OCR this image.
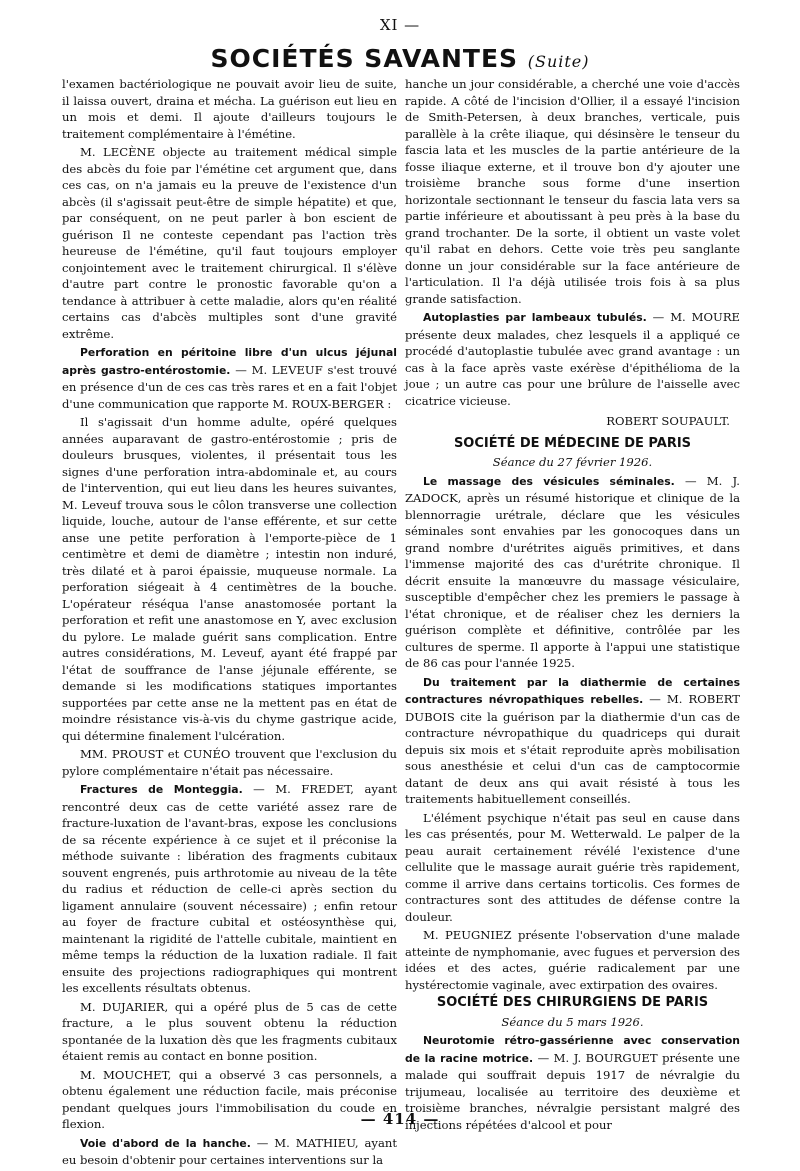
XI —
SOCIÉTÉS SAVANTES (Suite)

l'examen bactériologique ne pouvait avoir lieu de suite, il laissa ouvert, draina et mécha. La guérison eut lieu en un mois et demi. Il ajoute d'ailleurs toujours le traitement complémentaire à l'émétine.

M. LECÈNE objecte au traitement médical simple des abcès du foie par l'émétine cet argument que, dans ces cas, on n'a jamais eu la preuve de l'existence d'un abcès (il s'agissait peut-être de simple hépatite) et que, par conséquent, on ne peut parler à bon escient de guérison Il ne conteste cependant pas l'action très heureuse de l'émétine, qu'il faut toujours employer conjointement avec le traitement chirurgical. Il s'élève d'autre part contre le pronostic favorable qu'on a tendance à attribuer à cette maladie, alors qu'en réalité certains cas d'abcès multiples sont d'une gravité extrême.

Perforation en péritoine libre d'un ulcus jéjunal après gastro-entérostomie. — M. LEVEUF s'est trouvé en présence d'un de ces cas très rares et en a fait l'objet d'une communication que rapporte M. ROUX-BERGER :

Il s'agissait d'un homme adulte, opéré quelques années auparavant de gastro-entérostomie ; pris de douleurs brusques, violentes, il présentait tous les signes d'une perforation intra-abdominale et, au cours de l'intervention, qui eut lieu dans les heures suivantes, M. Leveuf trouva sous le côlon transverse une collection liquide, louche, autour de l'anse efférente, et sur cette anse une petite perforation à l'emporte-pièce de 1 centimètre et demi de diamètre ; intestin non induré, très dilaté et à paroi épaissie, muqueuse normale. La perforation siégeait à 4 centimètres de la bouche. L'opérateur réséqua l'anse anastomosée portant la perforation et refit une anastomose en Y, avec exclusion du pylore. Le malade guérit sans complication. Entre autres considérations, M. Leveuf, ayant été frappé par l'état de souffrance de l'anse jéjunale efférente, se demande si les modifications statiques importantes supportées par cette anse ne la mettent pas en état de moindre résistance vis-à-vis du chyme gastrique acide, qui détermine finalement l'ulcération.

MM. PROUST et CUNÉO trouvent que l'exclusion du pylore complémentaire n'était pas nécessaire.

Fractures de Monteggia. — M. FREDET, ayant rencontré deux cas de cette variété assez rare de fracture-luxation de l'avant-bras, expose les conclusions de sa récente expérience à ce sujet et il préconise la méthode suivante : libération des fragments cubitaux souvent engrenés, puis arthrotomie au niveau de la tête du radius et réduction de celle-ci après section du ligament annulaire (souvent nécessaire) ; enfin retour au foyer de fracture cubital et ostéosynthèse qui, maintenant la rigidité de l'attelle cubitale, maintient en même temps la réduction de la luxation radiale. Il fait ensuite des projections radiographiques qui montrent les excellents résultats obtenus.

M. DUJARIER, qui a opéré plus de 5 cas de cette fracture, a le plus souvent obtenu la réduction spontanée de la luxation dès que les fragments cubitaux étaient remis au contact en bonne position.

M. MOUCHET, qui a observé 3 cas personnels, a obtenu également une réduction facile, mais préconise pendant quelques jours l'immobilisation du coude en flexion.

Voie d'abord de la hanche. — M. MATHIEU, ayant eu besoin d'obtenir pour certaines interventions sur la

hanche un jour considérable, a cherché une voie d'accès rapide. A côté de l'incision d'Ollier, il a essayé l'incision de Smith-Petersen, à deux branches, verticale, puis parallèle à la crête iliaque, qui désinsère le tenseur du fascia lata et les muscles de la partie antérieure de la fosse iliaque externe, et il trouve bon d'y ajouter une troisième branche sous forme d'une insertion horizontale sectionnant le tenseur du fascia lata vers sa partie inférieure et aboutissant à peu près à la base du grand trochanter. De la sorte, il obtient un vaste volet qu'il rabat en dehors. Cette voie très peu sanglante donne un jour considérable sur la face antérieure de l'articulation. Il l'a déjà utilisée trois fois à sa plus grande satisfaction.

Autoplasties par lambeaux tubulés. — M. MOURE présente deux malades, chez lesquels il a appliqué ce procédé d'autoplastie tubulée avec grand avantage : un cas à la face après vaste exérèse d'épithélioma de la joue ; un autre cas pour une brûlure de l'aisselle avec cicatrice vicieuse.

ROBERT SOUPAULT.

SOCIÉTÉ DE MÉDECINE DE PARIS

Séance du 27 février 1926.

Le massage des vésicules séminales. — M. J. ZADOCK, après un résumé historique et clinique de la blennorragie urétrale, déclare que les vésicules séminales sont envahies par les gonocoques dans un grand nombre d'urétrites aiguës primitives, et dans l'immense majorité des cas d'urétrite chronique. Il décrit ensuite la manœuvre du massage vésiculaire, susceptible d'empêcher chez les premiers le passage à l'état chronique, et de réaliser chez les derniers la guérison complète et définitive, contrôlée par les cultures de sperme. Il apporte à l'appui une statistique de 86 cas pour l'année 1925.

Du traitement par la diathermie de certaines contractures névropathiques rebelles. — M. ROBERT DUBOIS cite la guérison par la diathermie d'un cas de contracture névropathique du quadriceps qui durait depuis six mois et s'était reproduite après mobilisation sous anesthésie et celui d'un cas de camptocormie datant de deux ans qui avait résisté à tous les traitements habituellement conseillés.

L'élément psychique n'était pas seul en cause dans les cas présentés, pour M. Wetterwald. Le palper de la peau aurait certainement révélé l'existence d'une cellulite que le massage aurait guérie très rapidement, comme il arrive dans certains torticolis. Ces formes de contractures sont des attitudes de défense contre la douleur.

M. PEUGNIEZ présente l'observation d'une malade atteinte de nymphomanie, avec fugues et perversion des idées et des actes, guérie radicalement par une hystérectomie vaginale, avec extirpation des ovaires.

SOCIÉTÉ DES CHIRURGIENS DE PARIS

Séance du 5 mars 1926.

Neurotomie rétro-gassérienne avec conservation de la racine motrice. — M. J. BOURGUET présente une malade qui souffrait depuis 1917 de névralgie du trijumeau, localisée au territoire des deuxième et troisième branches, névralgie persistant malgré des injections répétées d'alcool et pour

— 414 —
